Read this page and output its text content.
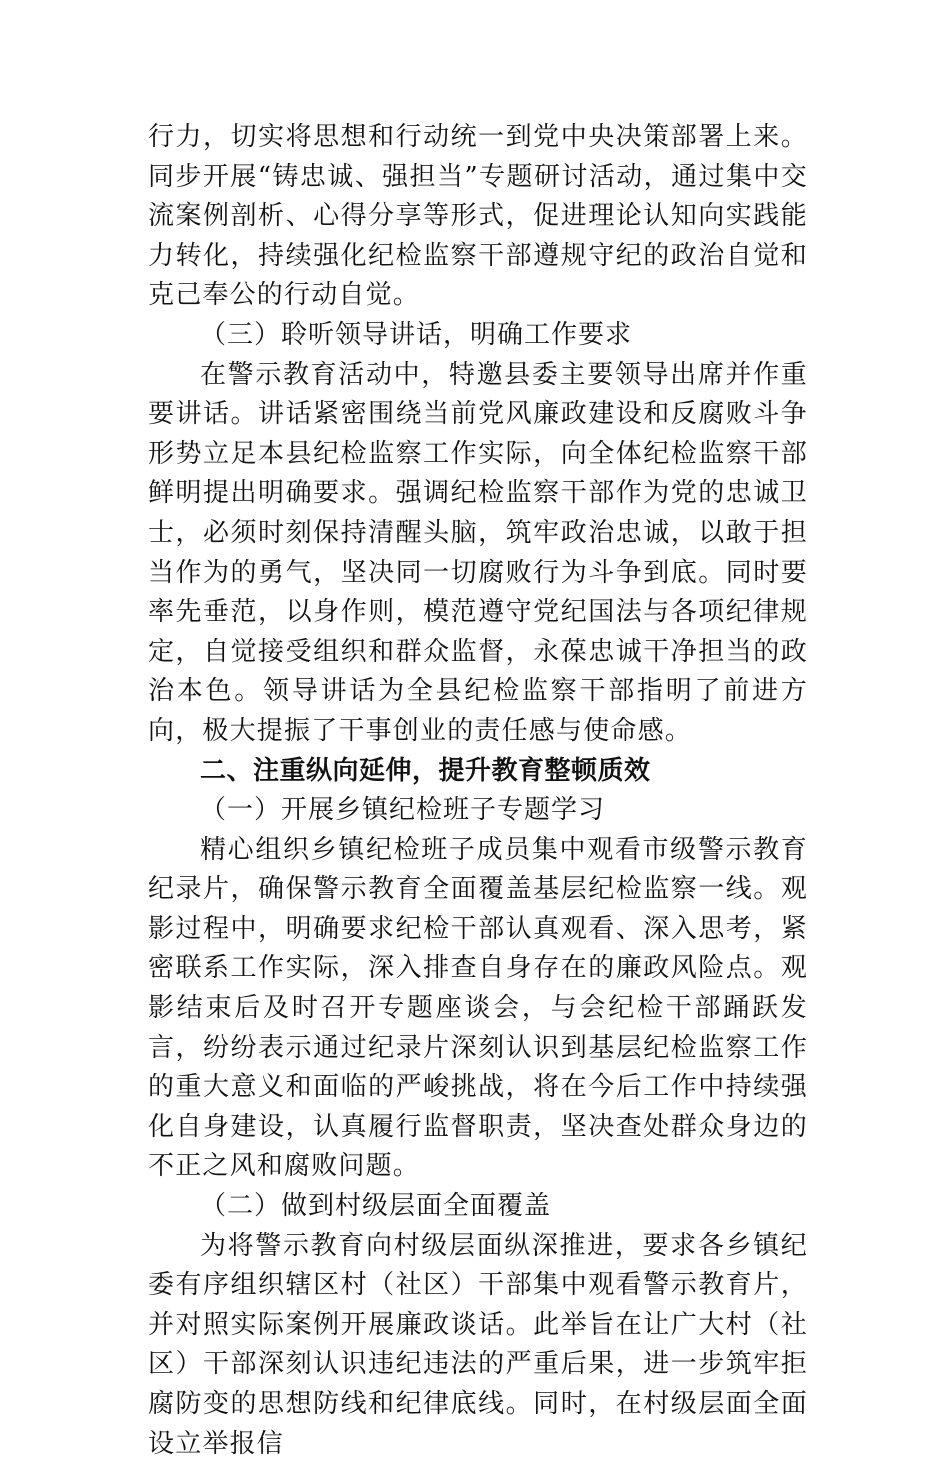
行力，切实将思想和行动统一到党中央决策部署上来。同步开展“铸忠诚、强担当”专题研讨活动，通过集中交流案例剖析、心得分享等形式，促进理论认知向实践能力转化，持续强化纪检监察干部遵规守纪的政治自觉和克己奉公的行动自觉。

（三）聆听领导讲话，明确工作要求

在警示教育活动中，特邀县委主要领导出席并作重要讲话。讲话紧密围绕当前党风廉政建设和反腐败斗争形势立足本县纪检监察工作实际，向全体纪检监察干部鲜明提出明确要求。强调纪检监察干部作为党的忠诚卫士，必须时刻保持清醒头脑，筑牢政治忠诚，以敢于担当作为的勇气，坚决同一切腐败行为斗争到底。同时要率先垂范，以身作则，模范遵守党纪国法与各项纪律规定，自觉接受组织和群众监督，永葆忠诚干净担当的政治本色。领导讲话为全县纪检监察干部指明了前进方向，极大提振了干事创业的责任感与使命感。

二、注重纵向延伸，提升教育整顿质效

（一）开展乡镇纪检班子专题学习

精心组织乡镇纪检班子成员集中观看市级警示教育纪录片，确保警示教育全面覆盖基层纪检监察一线。观影过程中，明确要求纪检干部认真观看、深入思考，紧密联系工作实际，深入排查自身存在的廉政风险点。观影结束后及时召开专题座谈会，与会纪检干部踊跃发言，纷纷表示通过纪录片深刻认识到基层纪检监察工作的重大意义和面临的严峻挑战，将在今后工作中持续强化自身建设，认真履行监督职责，坚决查处群众身边的不正之风和腐败问题。

（二）做到村级层面全面覆盖

为将警示教育向村级层面纵深推进，要求各乡镇纪委有序组织辖区村（社区）干部集中观看警示教育片，并对照实际案例开展廉政谈话。此举旨在让广大村（社区）干部深刻认识违纪违法的严重后果，进一步筑牢拒腐防变的思想防线和纪律底线。同时，在村级层面全面设立举报信
